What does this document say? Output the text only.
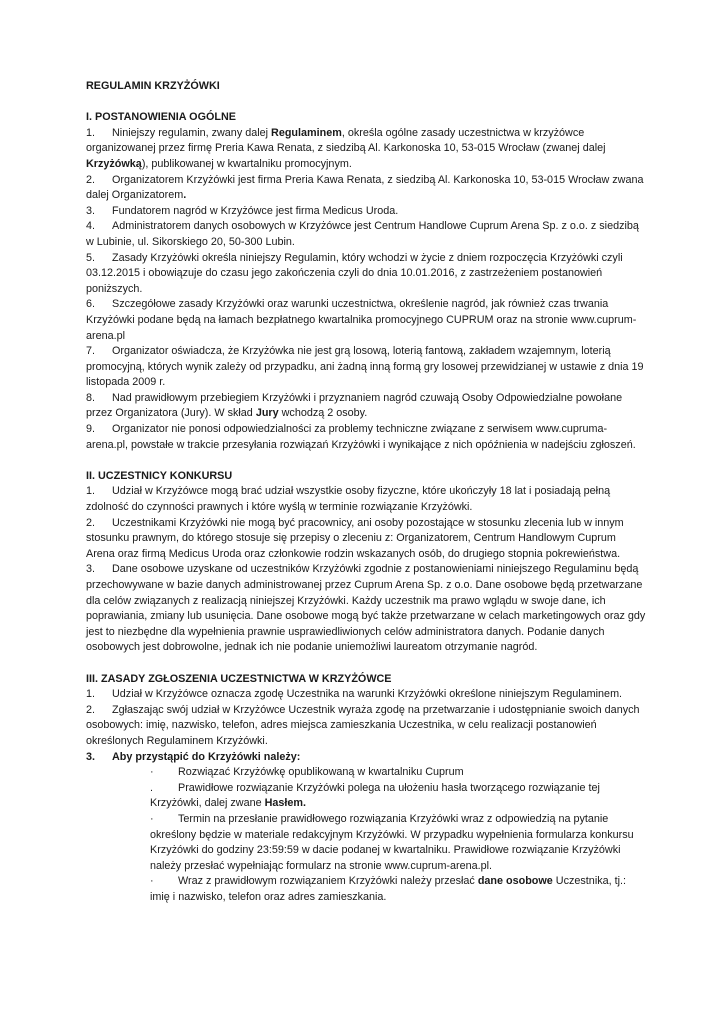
REGULAMIN KRZYŻÓWKI

I. POSTANOWIENIA OGÓLNE

1. Niniejszy regulamin, zwany dalej Regulaminem, określa ogólne zasady uczestnictwa w krzyżówce organizowanej przez firmę Preria Kawa Renata, z siedzibą Al. Karkonoska 10, 53-015 Wrocław (zwanej dalej Krzyżówką), publikowanej w kwartalniku promocyjnym.

2. Organizatorem Krzyżówki jest firma Preria Kawa Renata, z siedzibą Al. Karkonoska 10, 53-015 Wrocław zwana dalej Organizatorem.

3. Fundatorem nagród w Krzyżówce jest firma Medicus Uroda.

4. Administratorem danych osobowych w Krzyżówce jest Centrum Handlowe Cuprum Arena Sp. z o.o. z siedzibą w Lubinie, ul. Sikorskiego 20, 50-300 Lubin.

5. Zasady Krzyżówki określa niniejszy Regulamin, który wchodzi w życie z dniem rozpoczęcia Krzyżówki czyli 03.12.2015 i obowiązuje do czasu jego zakończenia czyli do dnia 10.01.2016, z zastrzeżeniem postanowień poniższych.

6. Szczegółowe zasady Krzyżówki oraz warunki uczestnictwa, określenie nagród, jak również czas trwania Krzyżówki podane będą na łamach bezpłatnego kwartalnika promocyjnego CUPRUM oraz na stronie www.cuprum-arena.pl

7. Organizator oświadcza, że Krzyżówka nie jest grą losową, loterią fantową, zakładem wzajemnym, loterią promocyjną, których wynik zależy od przypadku, ani żadną inną formą gry losowej przewidzianej w ustawie z dnia 19 listopada 2009 r.

8. Nad prawidłowym przebiegiem Krzyżówki i przyznaniem nagród czuwają Osoby Odpowiedzialne powołane przez Organizatora (Jury). W skład Jury wchodzą 2 osoby.

9. Organizator nie ponosi odpowiedzialności za problemy techniczne związane z serwisem www.cupruma-arena.pl, powstałe w trakcie przesyłania rozwiązań Krzyżówki i wynikające z nich opóźnienia w nadejściu zgłoszeń.

II. UCZESTNICY KONKURSU

1. Udział w Krzyżówce mogą brać udział wszystkie osoby fizyczne, które ukończyły 18 lat i posiadają pełną zdolność do czynności prawnych i które wyślą w terminie rozwiązanie Krzyżówki.

2. Uczestnikami Krzyżówki nie mogą być pracownicy, ani osoby pozostające w stosunku zlecenia lub w innym stosunku prawnym, do którego stosuje się przepisy o zleceniu z: Organizatorem, Centrum Handlowym Cuprum Arena oraz firmą Medicus Uroda oraz członkowie rodzin wskazanych osób, do drugiego stopnia pokrewieństwa.

3. Dane osobowe uzyskane od uczestników Krzyżówki zgodnie z postanowieniami niniejszego Regulaminu będą przechowywane w bazie danych administrowanej przez Cuprum Arena Sp. z o.o. Dane osobowe będą przetwarzane dla celów związanych z realizacją niniejszej Krzyżówki. Każdy uczestnik ma prawo wglądu w swoje dane, ich poprawiania, zmiany lub usunięcia. Dane osobowe mogą być także przetwarzane w celach marketingowych oraz gdy jest to niezbędne dla wypełnienia prawnie usprawiedliwionych celów administratora danych. Podanie danych osobowych jest dobrowolne, jednak ich nie podanie uniemożliwi laureatom otrzymanie nagród.

III. ZASADY ZGŁOSZENIA UCZESTNICTWA W KRZYŻÓWCE

1. Udział w Krzyżówce oznacza zgodę Uczestnika na warunki Krzyżówki określone niniejszym Regulaminem.

2. Zgłaszając swój udział w Krzyżówce Uczestnik wyraża zgodę na przetwarzanie i udostępnianie swoich danych osobowych: imię, nazwisko, telefon, adres miejsca zamieszkania Uczestnika, w celu realizacji postanowień określonych Regulaminem Krzyżówki.

3. Aby przystąpić do Krzyżówki należy:

· Rozwiązać Krzyżówkę opublikowaną w kwartalniku Cuprum

. Prawidłowe rozwiązanie Krzyżówki polega na ułożeniu hasła tworzącego rozwiązanie tej Krzyżówki, dalej zwane Hasłem.

· Termin na przesłanie prawidłowego rozwiązania Krzyżówki wraz z odpowiedzią na pytanie określony będzie w materiale redakcyjnym Krzyżówki. W przypadku wypełnienia formularza konkursu Krzyżówki do godziny 23:59:59 w dacie podanej w kwartalniku. Prawidłowe rozwiązanie Krzyżówki należy przesłać wypełniając formularz na stronie www.cuprum-arena.pl.

· Wraz z prawidłowym rozwiązaniem Krzyżówki należy przesłać dane osobowe Uczestnika, tj.: imię i nazwisko, telefon oraz adres zamieszkania.
